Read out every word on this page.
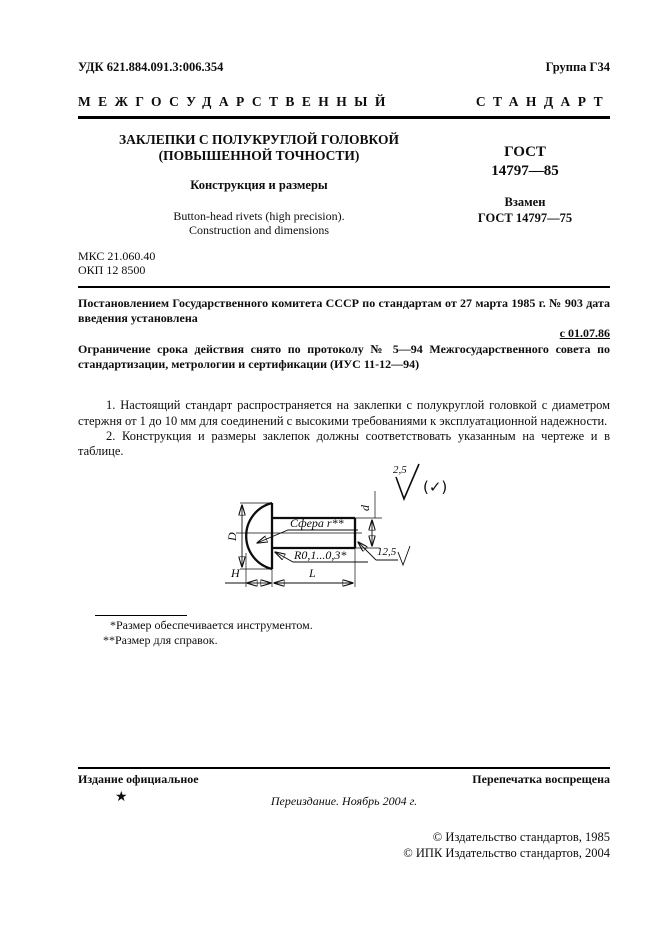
УДК 621.884.091.3:006.354	Группа Г34
МЕЖГОСУДАРСТВЕННЫЙ	СТАНДАРТ
ЗАКЛЕПКИ С ПОЛУКРУГЛОЙ ГОЛОВКОЙ
(ПОВЫШЕННОЙ ТОЧНОСТИ)
Конструкция и размеры
Button-head rivets (high precision).
Construction and dimensions
ГОСТ
14797—85
Взамен
ГОСТ 14797—75
МКС 21.060.40
ОКП 12 8500
Постановлением Государственного комитета СССР по стандартам от 27 марта 1985 г. № 903 дата введения установлена
с 01.07.86
Ограничение срока действия снято по протоколу № 5—94 Межгосударственного совета по стандартизации, метрологии и сертификации (ИУС 11-12—94)
1. Настоящий стандарт распространяется на заклепки с полукруглой головкой с диаметром стержня от 1 до 10 мм для соединений с высокими требованиями к эксплуатационной надежности.
2. Конструкция и размеры заклепок должны соответствовать указанным на чертеже и в таблице.
D
H	L
d
Сфера r**
R0,1...0,3*	12,5
2,5
(✓)
*Размер обеспечивается инструментом.
**Размер для справок.
Издание официальное	Перепечатка воспрещена
★	Переиздание. Ноябрь 2004 г.
© Издательство стандартов, 1985
© ИПК Издательство стандартов, 2004
